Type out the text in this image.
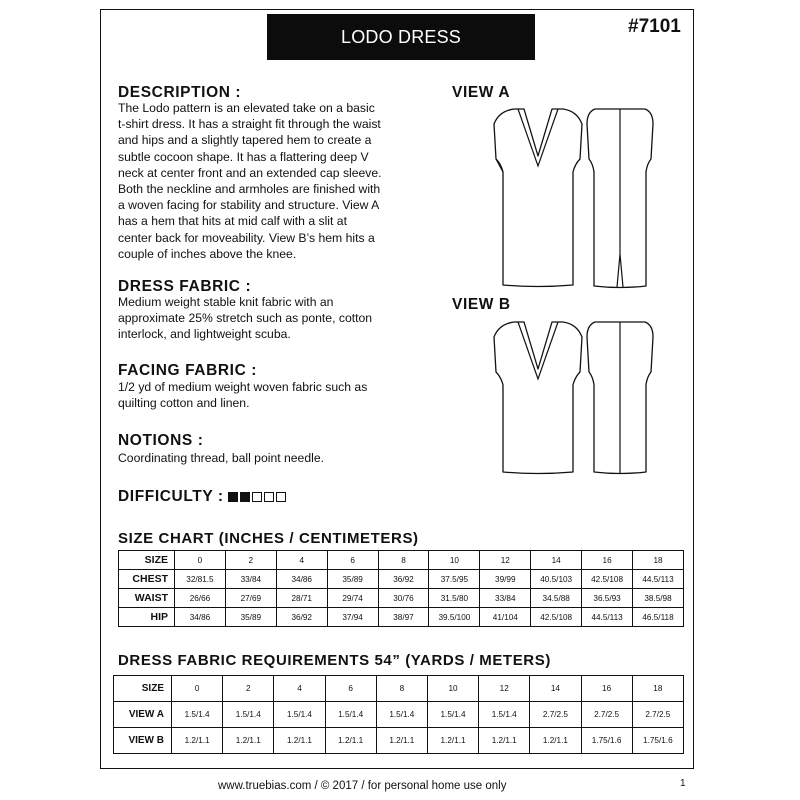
LODO DRESS	#7101
DESCRIPTION :
The Lodo pattern is an elevated take on a basic
t-shirt dress. It has a straight fit through the waist
and hips and a slightly tapered hem to create a
subtle cocoon shape. It has a flattering deep V
neck at center front and an extended cap sleeve.
Both the neckline and armholes are finished with
a woven facing for stability and structure. View A
has a hem that hits at mid calf with a slit at
center back for moveability. View B’s hem hits a
couple of inches above the knee.
DRESS FABRIC :
Medium weight stable knit fabric with an
approximate 25% stretch such as ponte, cotton
interlock, and lightweight scuba.
FACING FABRIC :
1/2 yd of medium weight woven fabric such as
quilting cotton and linen.
NOTIONS :
Coordinating thread, ball point needle.
DIFFICULTY :
VIEW A
VIEW B
SIZE CHART (INCHES / CENTIMETERS)
SIZE	0	2	4	6	8	10	12	14	16	18
CHEST	32/81.5	33/84	34/86	35/89	36/92	37.5/95	39/99	40.5/103	42.5/108	44.5/113
WAIST	26/66	27/69	28/71	29/74	30/76	31.5/80	33/84	34.5/88	36.5/93	38.5/98
HIP	34/86	35/89	36/92	37/94	38/97	39.5/100	41/104	42.5/108	44.5/113	46.5/118
DRESS FABRIC REQUIREMENTS 54” (YARDS / METERS)
SIZE	0	2	4	6	8	10	12	14	16	18
VIEW A	1.5/1.4	1.5/1.4	1.5/1.4	1.5/1.4	1.5/1.4	1.5/1.4	1.5/1.4	2.7/2.5	2.7/2.5	2.7/2.5
VIEW B	1.2/1.1	1.2/1.1	1.2/1.1	1.2/1.1	1.2/1.1	1.2/1.1	1.2/1.1	1.2/1.1	1.75/1.6	1.75/1.6
www.truebias.com / © 2017 / for personal home use only	1
